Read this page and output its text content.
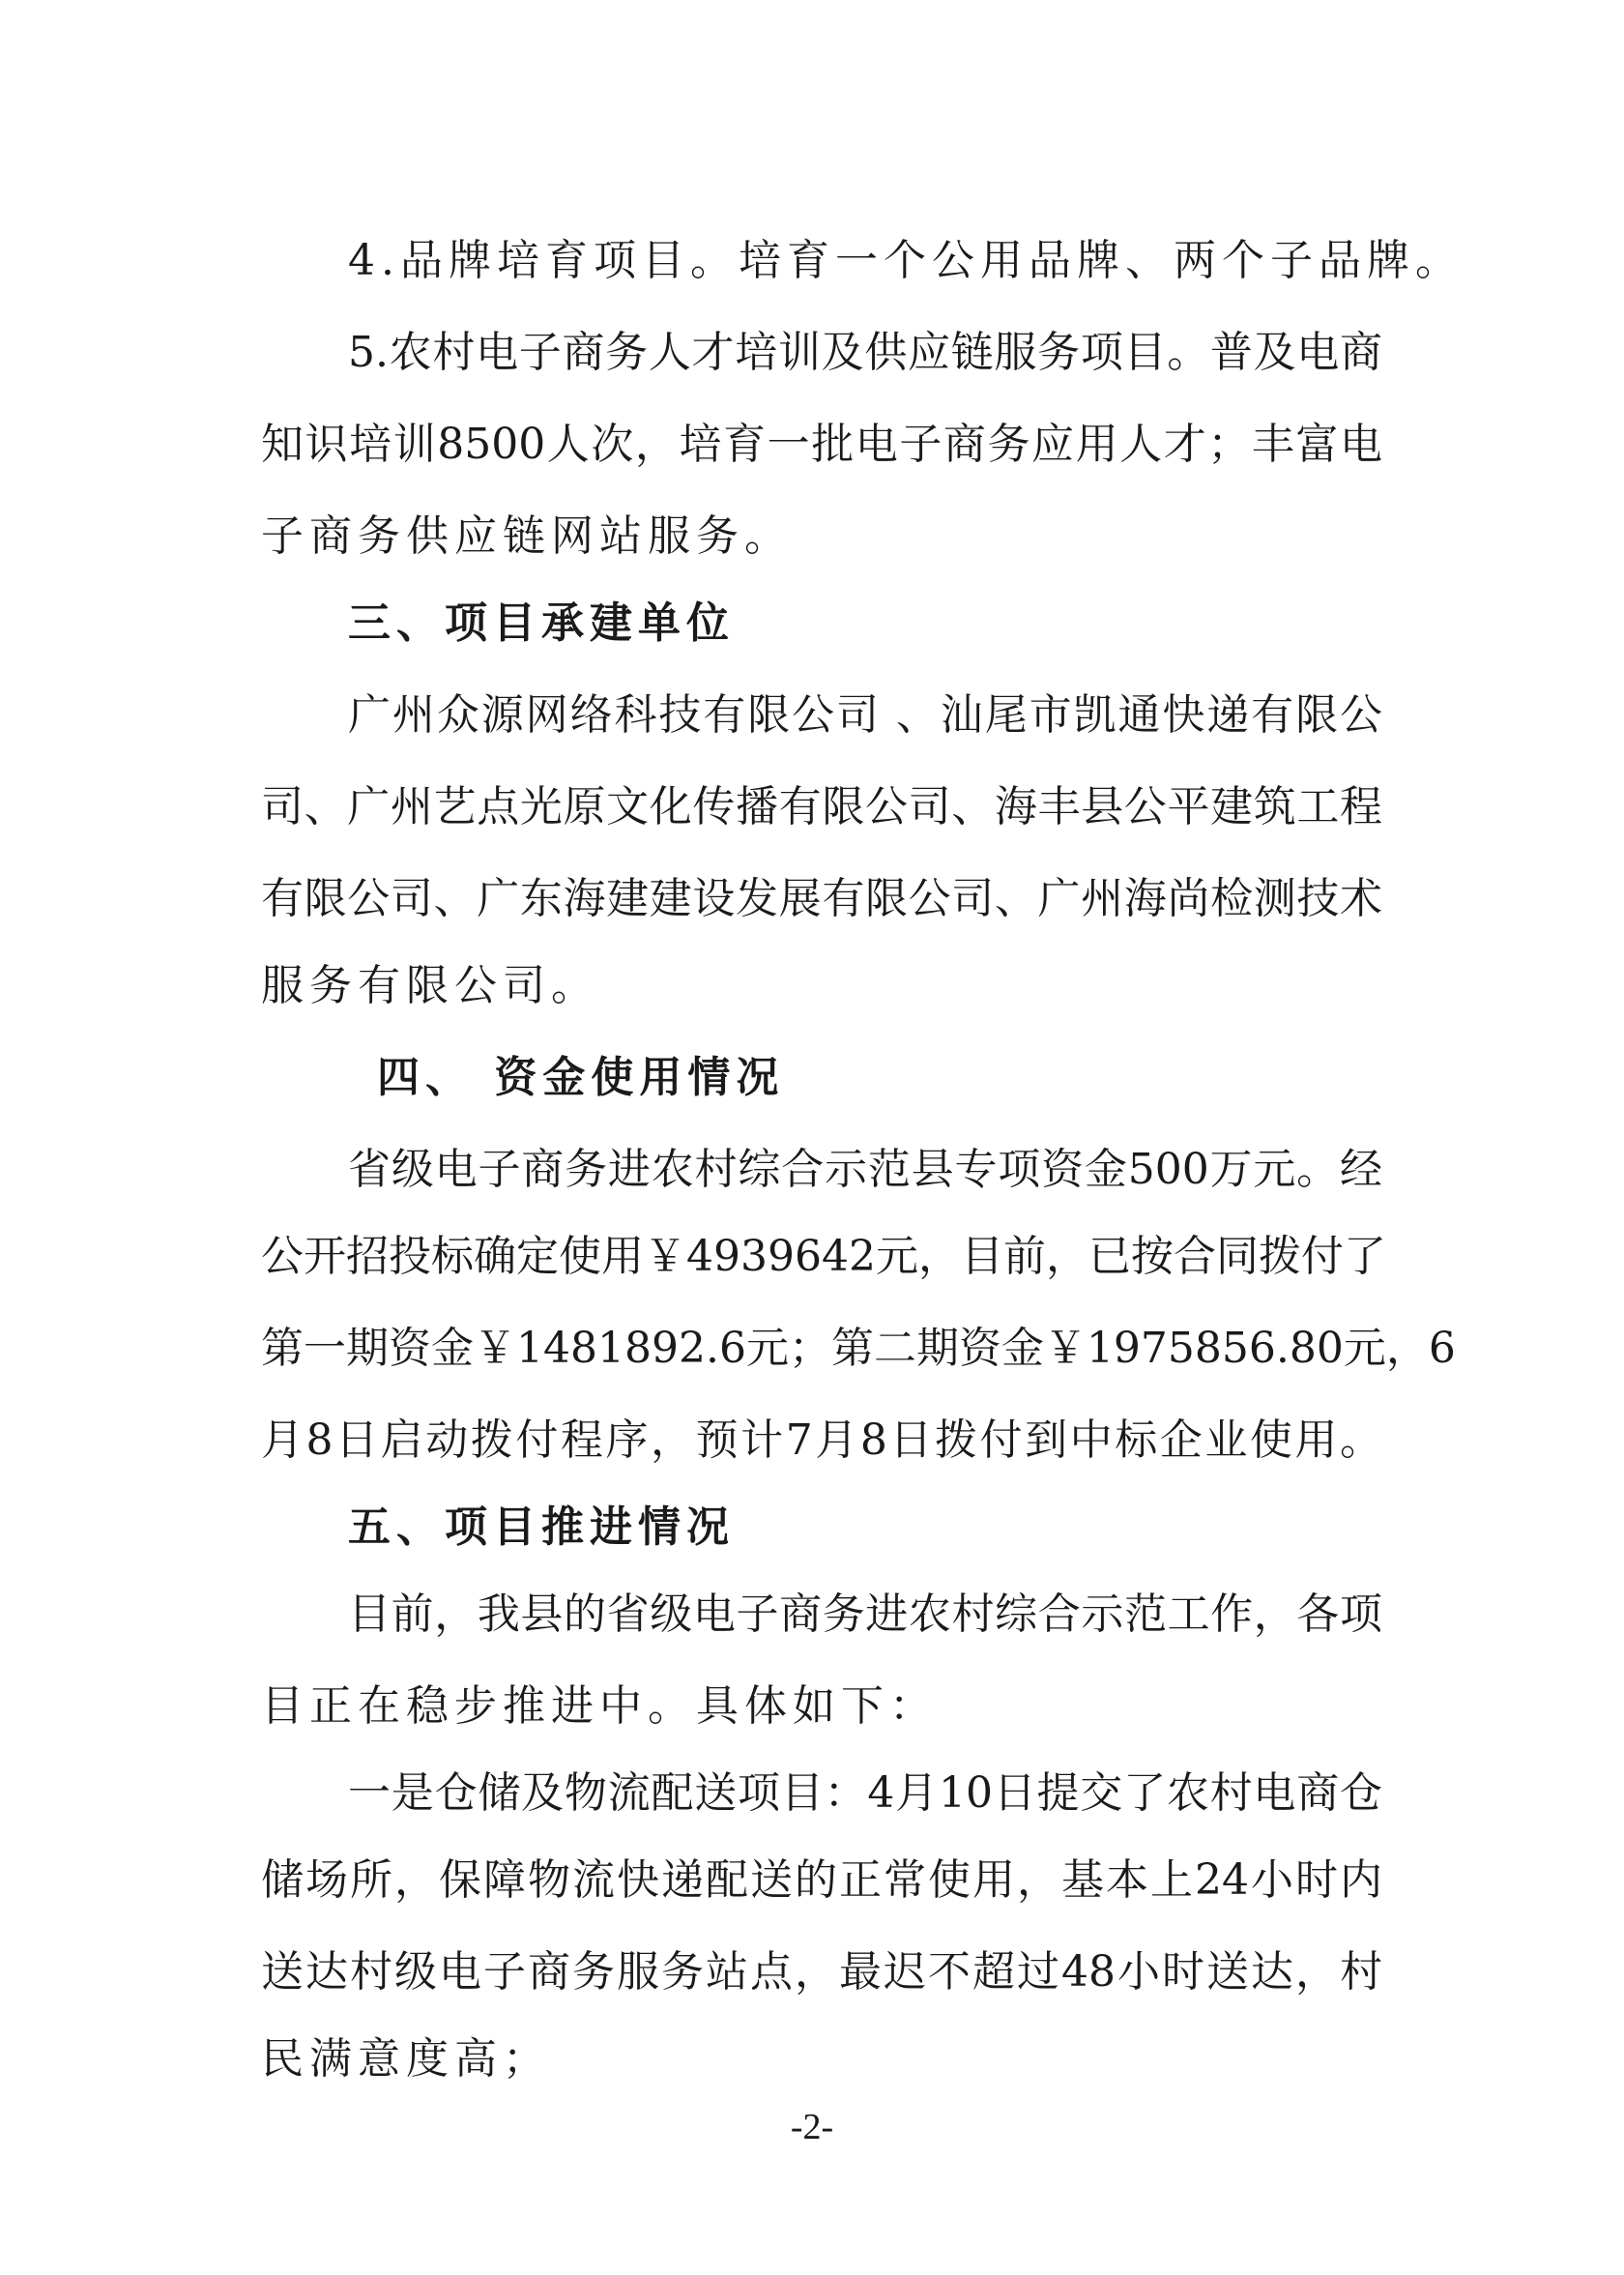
4.品牌培育项目。培育一个公用品牌、两个子品牌。
5.农村电子商务人才培训及供应链服务项目。普及电商
知识培训8500人次，培育一批电子商务应用人才；丰富电
子商务供应链网站服务。
三、项目承建单位
广州众源网络科技有限公司 、汕尾市凯通快递有限公
司、广州艺点光原文化传播有限公司、海丰县公平建筑工程
有限公司、广东海建建设发展有限公司、广州海尚检测技术
服务有限公司。
四、 资金使用情况
省级电子商务进农村综合示范县专项资金500万元。经
公开招投标确定使用￥4939642元，目前，已按合同拨付了
第一期资金￥1481892.6元；第二期资金￥1975856.80元，6
月8日启动拨付程序，预计7月8日拨付到中标企业使用。
五、项目推进情况
目前，我县的省级电子商务进农村综合示范工作，各项
目正在稳步推进中。具体如下：
一是仓储及物流配送项目：4月10日提交了农村电商仓
储场所，保障物流快递配送的正常使用，基本上24小时内
送达村级电子商务服务站点，最迟不超过48小时送达，村
民满意度高；
-2-
